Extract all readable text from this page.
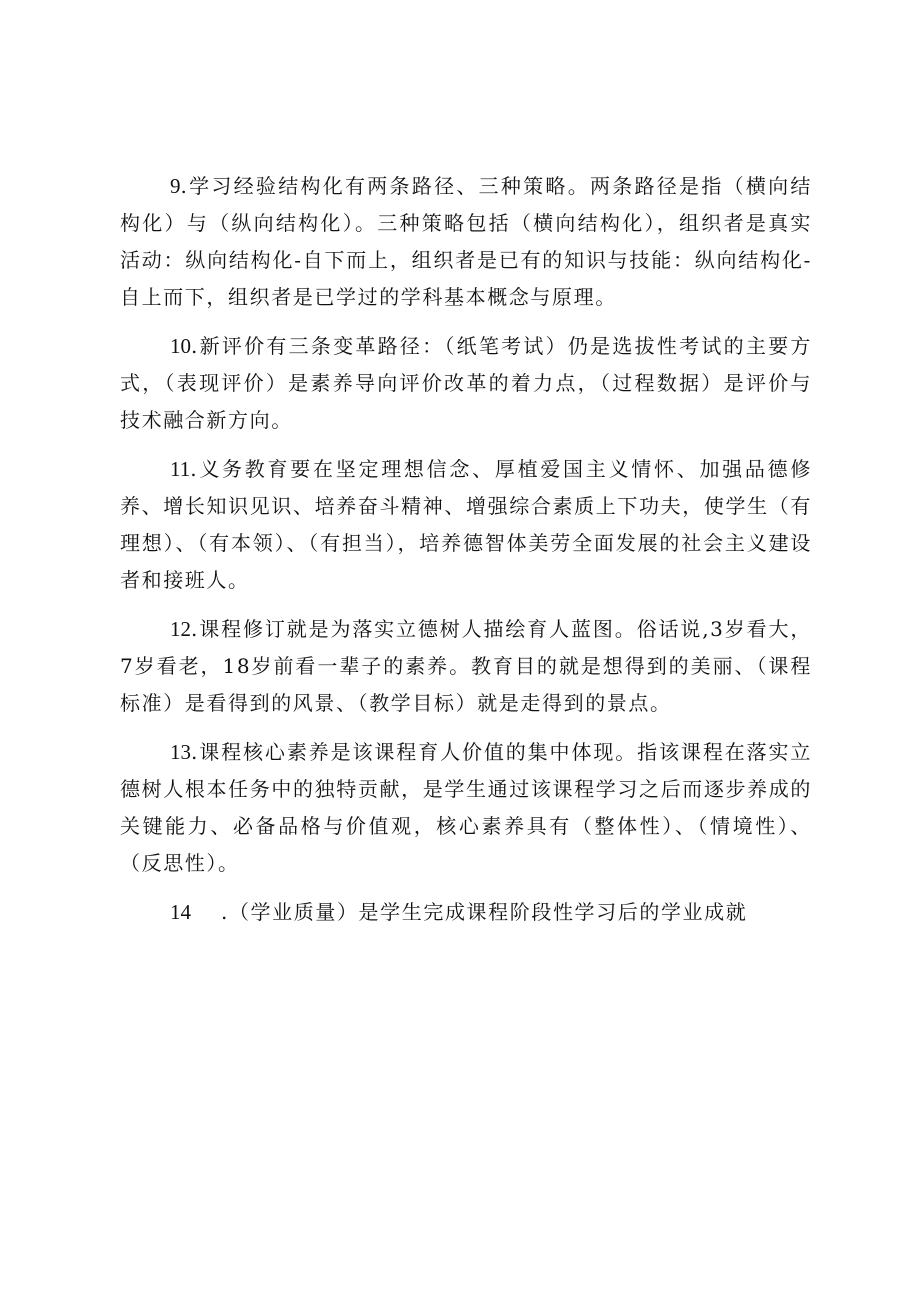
9.学习经验结构化有两条路径、三种策略。两条路径是指（横向结构化）与（纵向结构化）。三种策略包括（横向结构化），组织者是真实活动：纵向结构化-自下而上，组织者是已有的知识与技能：纵向结构化-自上而下，组织者是已学过的学科基本概念与原理。

10.新评价有三条变革路径：（纸笔考试）仍是选拔性考试的主要方式，（表现评价）是素养导向评价改革的着力点，（过程数据）是评价与技术融合新方向。

11.义务教育要在坚定理想信念、厚植爱国主义情怀、加强品德修养、增长知识见识、培养奋斗精神、增强综合素质上下功夫，使学生（有理想）、（有本领）、（有担当），培养德智体美劳全面发展的社会主义建设者和接班人。

12.课程修订就是为落实立德树人描绘育人蓝图。俗话说,3岁看大，7岁看老，18岁前看一辈子的素养。教育目的就是想得到的美丽、（课程标准）是看得到的风景、（教学目标）就是走得到的景点。

13.课程核心素养是该课程育人价值的集中体现。指该课程在落实立德树人根本任务中的独特贡献，是学生通过该课程学习之后而逐步养成的关键能力、必备品格与价值观，核心素养具有（整体性）、（情境性）、（反思性）。

14 .（学业质量）是学生完成课程阶段性学习后的学业成就
